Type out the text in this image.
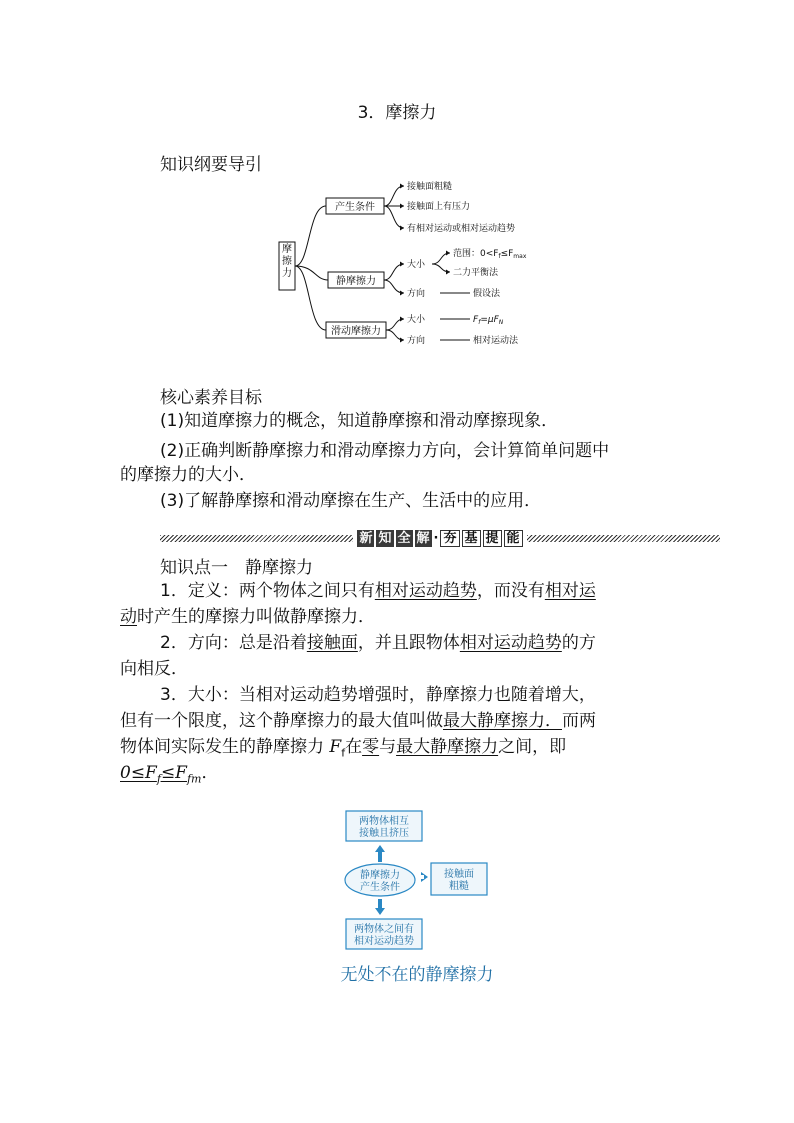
3．摩擦力
知识纲要导引
摩擦力
产生条件
静摩擦力
滑动摩擦力
接触面粗糙
接触面上有压力
有相对运动或相对运动趋势
大小
范围：$0<F_f\le F_{max}$
二力平衡法
方向	假设法
大小	$F_f=\mu F_N$
方向	相对运动法
核心素养目标
(1)知道摩擦力的概念，知道静摩擦和滑动摩擦现象．
(2)正确判断静摩擦力和滑动摩擦力方向，会计算简单问题中
的摩擦力的大小．
(3)了解静摩擦和滑动摩擦在生产、生活中的应用．
新 知 全 解 · 夯 基 提 能
知识点一　静摩擦力
1．定义：两个物体之间只有相对运动趋势，而没有相对运
动时产生的摩擦力叫做静摩擦力．
2．方向：总是沿着接触面，并且跟物体相对运动趋势的方
向相反．
3．大小：当相对运动趋势增强时，静摩擦力也随着增大，
但有一个限度，这个静摩擦力的最大值叫做最大静摩擦力．而两
物体间实际发生的静摩擦力 $F_f$在零与最大静摩擦力之间，即
$0\le F_f\le F_{fm}$．
两物体相互
接触且挤压
静摩擦力
产生条件
接触面
粗糙
两物体之间有
相对运动趋势
无处不在的静摩擦力
